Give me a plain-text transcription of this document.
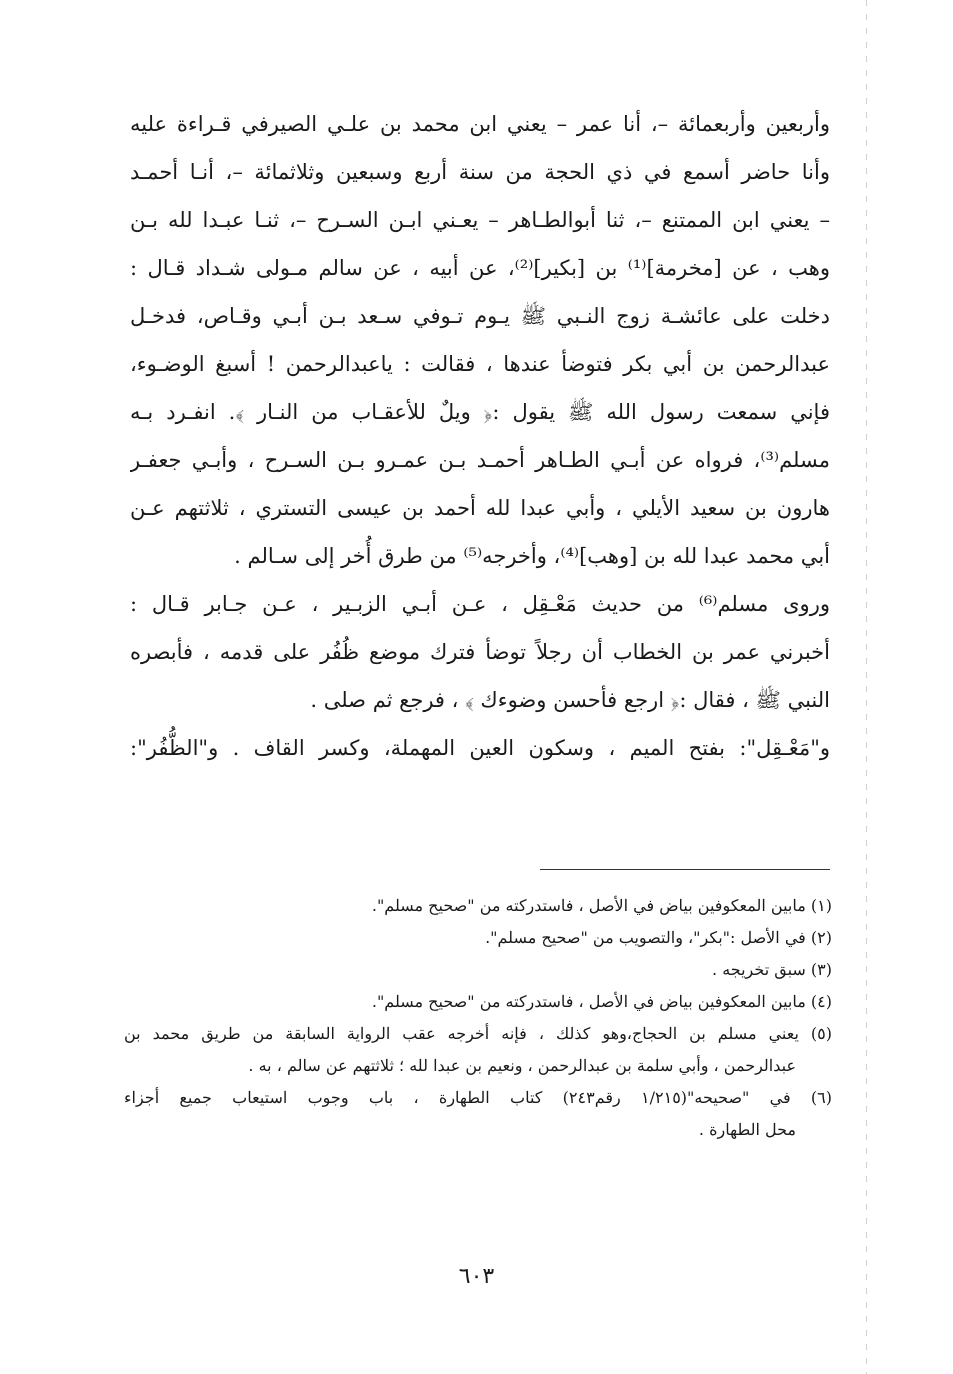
وأربعين وأربعمائة –، أنا عمر – يعني ابن محمد بن علـي الصيرفي قـراءة عليه
وأنا حاضر أسمع في ذي الحجة من سنة أربع وسبعين وثلاثمائة –، أنـا أحمـد
– يعني ابن الممتنع –، ثنا أبوالطـاهر – يعـني ابـن السـرح –، ثنـا عبـدا لله بـن
وهب ، عن [مخرمة]⁽¹⁾ بن [بكير]⁽²⁾، عن أبيه ، عن سالم مـولى شـداد قـال :
دخلت على عائشـة زوج النـبي ﷺ يـوم تـوفي سـعد بـن أبـي وقـاص، فدخـل
عبدالرحمن بن أبي بكر فتوضأ عندها ، فقالت : ياعبدالرحمن ! أسبغ الوضـوء،
فإني سمعت رسول الله ﷺ يقول :﴿ ويلٌ للأعقـاب من النـار ﴾. انفـرد بـه
مسلم⁽³⁾، فرواه عن أبـي الطـاهر أحمـد بـن عمـرو بـن السـرح ، وأبـي جعفـر
هارون بن سعيد الأيلي ، وأبي عبدا لله أحمد بن عيسى التستري ، ثلاثتهم عـن
أبي محمد عبدا لله بن [وهب]⁽⁴⁾، وأخرجه⁽⁵⁾ من طرق أُخر إلى سـالم .
وروى مسلم⁽⁶⁾ من حديث مَعْـقِل ، عـن أبـي الزبـير ، عـن جـابر قـال :
أخبرني عمر بن الخطاب أن رجلاً توضأ فترك موضع ظُفُر على قدمه ، فأبصره
النبي ﷺ ، فقال :﴿ ارجع فأحسن وضوءك ﴾ ، فرجع ثم صلى .
و"مَعْـقِل": بفتح الميم ، وسكون العين المهملة، وكسر القاف . و"الظُّفُر":
(١) مابين المعكوفين بياض في الأصل ، فاستدركته من "صحيح مسلم".
(٢) في الأصل :"بكر"، والتصويب من "صحيح مسلم".
(٣) سبق تخريجه .
(٤) مابين المعكوفين بياض في الأصل ، فاستدركته من "صحيح مسلم".
(٥) يعني مسلم بن الحجاج،وهو كذلك ، فإنه أخرجه عقب الرواية السابقة من طريق محمد بن
عبدالرحمن ، وأبي سلمة بن عبدالرحمن ، ونعيم بن عبدا لله ؛ ثلاثتهم عن سالم ، به .
(٦) في "صحيحه"(١/٢١٥ رقم٢٤٣) كتاب الطهارة ، باب وجوب استيعاب جميع أجزاء
محل الطهارة .
٦٠٣
